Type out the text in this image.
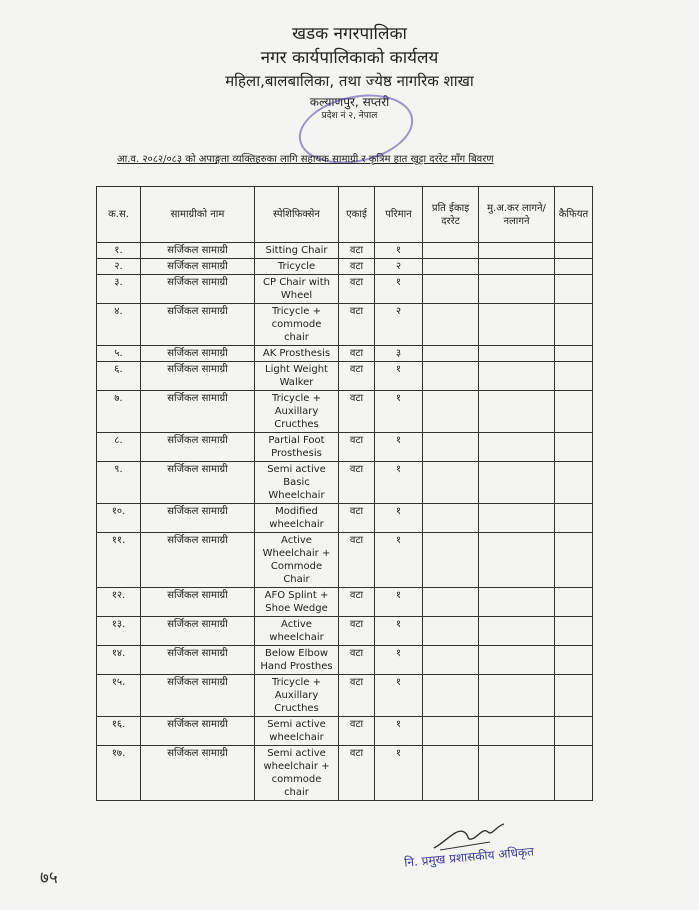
खडक नगरपालिका
नगर कार्यपालिकाको कार्यलय
महिला,बालबालिका, तथा ज्येष्ठ नागरिक शाखा
कल्याणपुर, सप्तरी
प्रदेश नं २, नेपाल

आ.व. २०८२/०८३ को अपाङ्गता व्यक्तिहरुका लागि सहायक सामाग्री र कृत्रिम हात खुट्टा दररेट माँग बिवरण
क.स.	सामाग्रीको नाम	स्पेशिफिक्सेन	एकाई	परिमान	प्रति ईकाइ दररेट	मु.अ.कर लागने/नलागने	कैफियत
१.	सर्जिकल सामाग्री	Sitting Chair	वटा	१			
२.	सर्जिकल सामाग्री	Tricycle	वटा	२			
३.	सर्जिकल सामाग्री	CP Chair with Wheel	वटा	१			
४.	सर्जिकल सामाग्री	Tricycle + commode chair	वटा	२			
५.	सर्जिकल सामाग्री	AK Prosthesis	वटा	३			
६.	सर्जिकल सामाग्री	Light Weight Walker	वटा	१			
७.	सर्जिकल सामाग्री	Tricycle + Auxillary Cructhes	वटा	१			
८.	सर्जिकल सामाग्री	Partial Foot Prosthesis	वटा	१			
९.	सर्जिकल सामाग्री	Semi active Basic Wheelchair	वटा	१			
१०.	सर्जिकल सामाग्री	Modified wheelchair	वटा	१			
११.	सर्जिकल सामाग्री	Active Wheelchair + Commode Chair	वटा	१			
१२.	सर्जिकल सामाग्री	AFO Splint + Shoe Wedge	वटा	१			
१३.	सर्जिकल सामाग्री	Active wheelchair	वटा	१			
१४.	सर्जिकल सामाग्री	Below Elbow Hand Prosthes	वटा	१			
१५.	सर्जिकल सामाग्री	Tricycle + Auxillary Cructhes	वटा	१			
१६.	सर्जिकल सामाग्री	Semi active wheelchair	वटा	१			
१७.	सर्जिकल सामाग्री	Semi active wheelchair + commode chair	वटा	१			
नि. प्रमुख प्रशासकीय अधिकृत
७५
